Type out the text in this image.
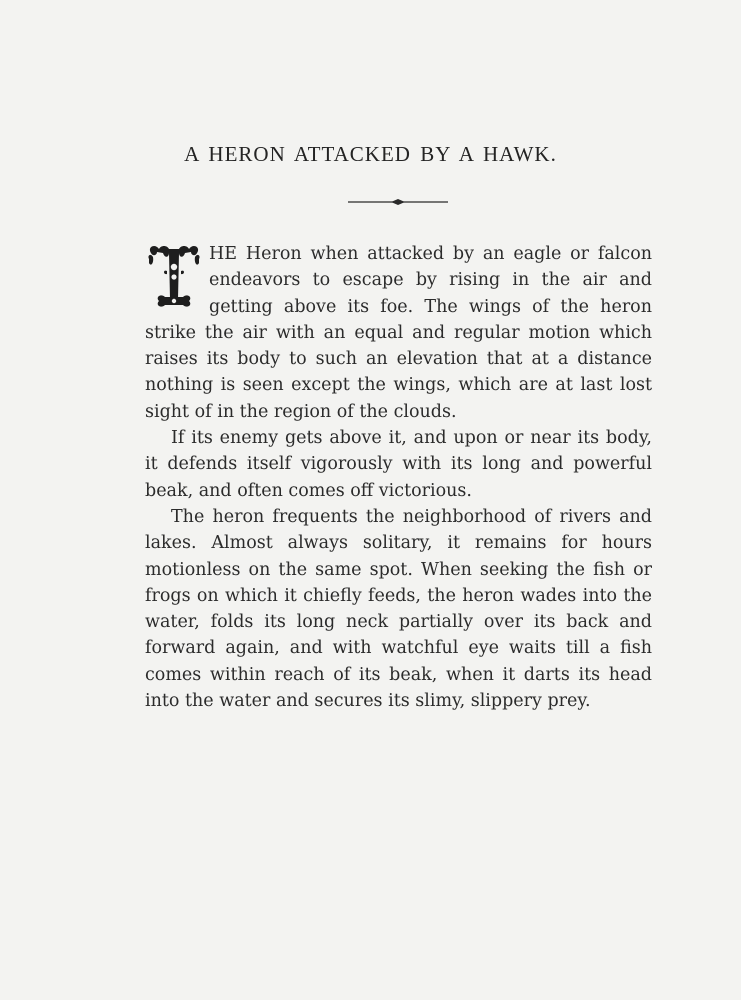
A HERON ATTACKED BY A HAWK.

HE Heron when attacked by an eagle or falcon endeavors to escape by rising in the air and getting above its foe. The wings of the heron strike the air with an equal and regular motion which raises its body to such an elevation that at a distance nothing is seen except the wings, which are at last lost sight of in the region of the clouds.

If its enemy gets above it, and upon or near its body, it defends itself vigorously with its long and powerful beak, and often comes off victorious.

The heron frequents the neighborhood of rivers and lakes. Almost always solitary, it remains for hours motionless on the same spot. When seeking the fish or frogs on which it chiefly feeds, the heron wades into the water, folds its long neck partially over its back and forward again, and with watchful eye waits till a fish comes within reach of its beak, when it darts its head into the water and secures its slimy, slippery prey.
